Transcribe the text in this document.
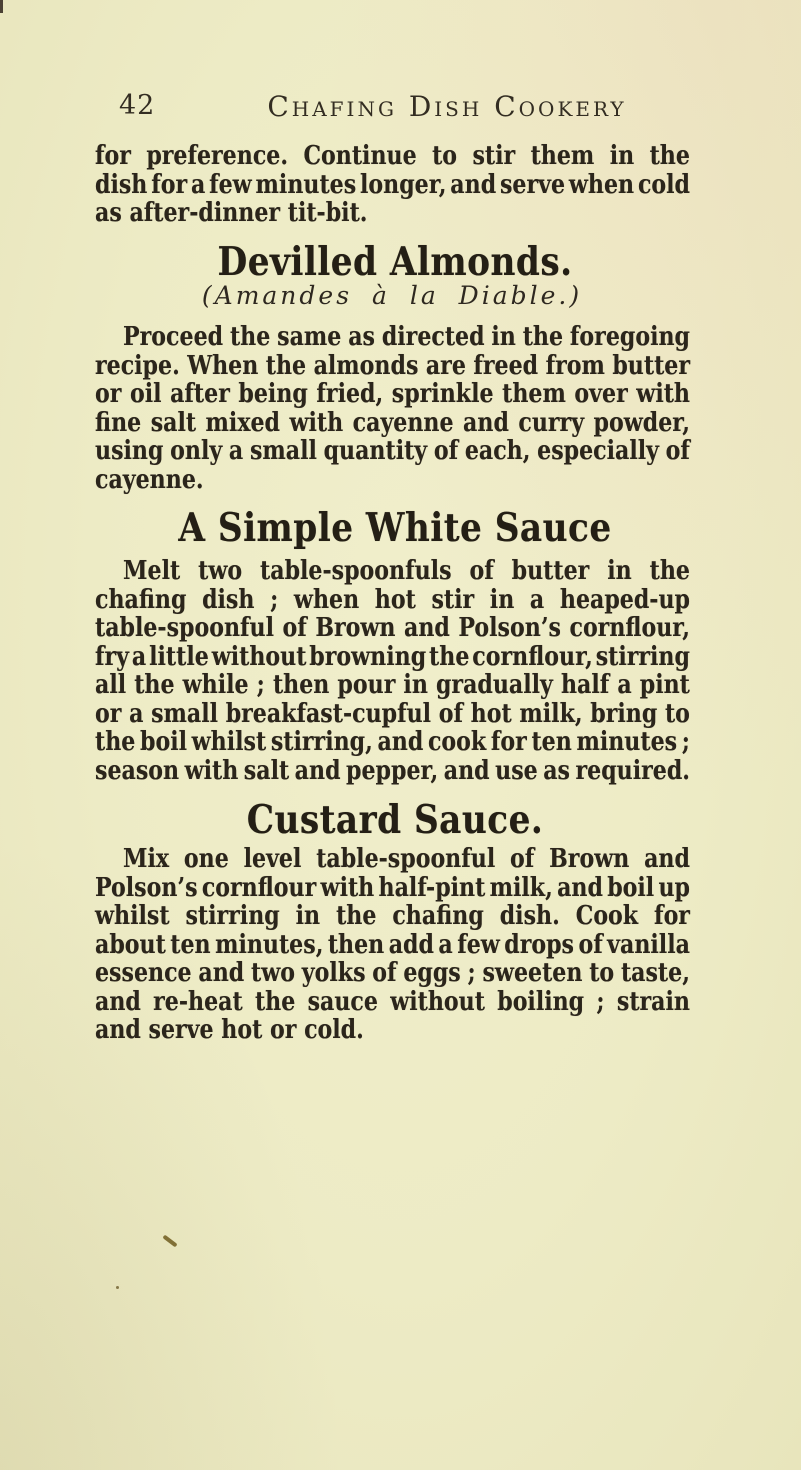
42	Chafing Dish Cookery
for preference. Continue to stir them in the
dish for a few minutes longer, and serve when cold
as after-dinner tit-bit.
Devilled Almonds.
(Amandes à la Diable.)
Proceed the same as directed in the foregoing
recipe. When the almonds are freed from butter
or oil after being fried, sprinkle them over with
fine salt mixed with cayenne and curry powder,
using only a small quantity of each, especially of
cayenne.
A Simple White Sauce
Melt two table-spoonfuls of butter in the
chafing dish ; when hot stir in a heaped-up
table-spoonful of Brown and Polson’s cornflour,
fry a little without browning the cornflour, stirring
all the while ; then pour in gradually half a pint
or a small breakfast-cupful of hot milk, bring to
the boil whilst stirring, and cook for ten minutes ;
season with salt and pepper, and use as required.
Custard Sauce.
Mix one level table-spoonful of Brown and
Polson’s cornflour with half-pint milk, and boil up
whilst stirring in the chafing dish. Cook for
about ten minutes, then add a few drops of vanilla
essence and two yolks of eggs ; sweeten to taste,
and re-heat the sauce without boiling ; strain
and serve hot or cold.
